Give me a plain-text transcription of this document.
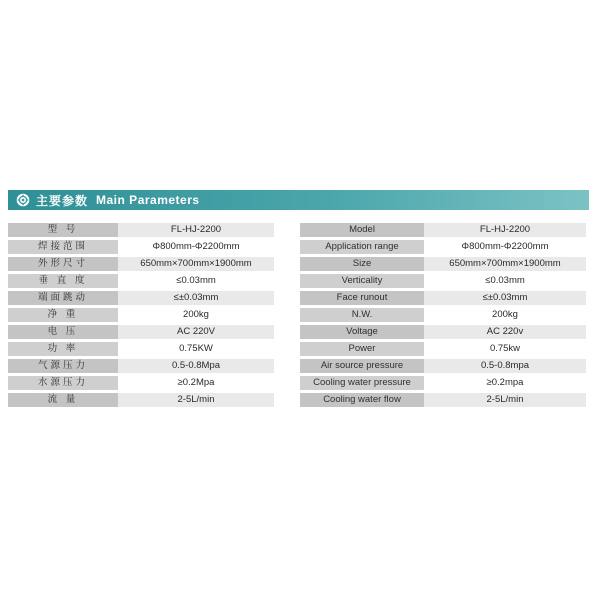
主要参数 Main Parameters
型 号	FL-HJ-2200
焊接范围	Φ800mm-Φ2200mm
外形尺寸	650mm×700mm×1900mm
垂 直 度	≤0.03mm
端面跳动	≤±0.03mm
净 重	200kg
电 压	AC 220V
功 率	0.75KW
气源压力	0.5-0.8Mpa
水源压力	≥0.2Mpa
流 量	2-5L/min
Model	FL-HJ-2200
Application range	Φ800mm-Φ2200mm
Size	650mm×700mm×1900mm
Verticality	≤0.03mm
Face runout	≤±0.03mm
N.W.	200kg
Voltage	AC 220v
Power	0.75kw
Air source pressure	0.5-0.8mpa
Cooling water pressure	≥0.2mpa
Cooling water flow	2-5L/min
